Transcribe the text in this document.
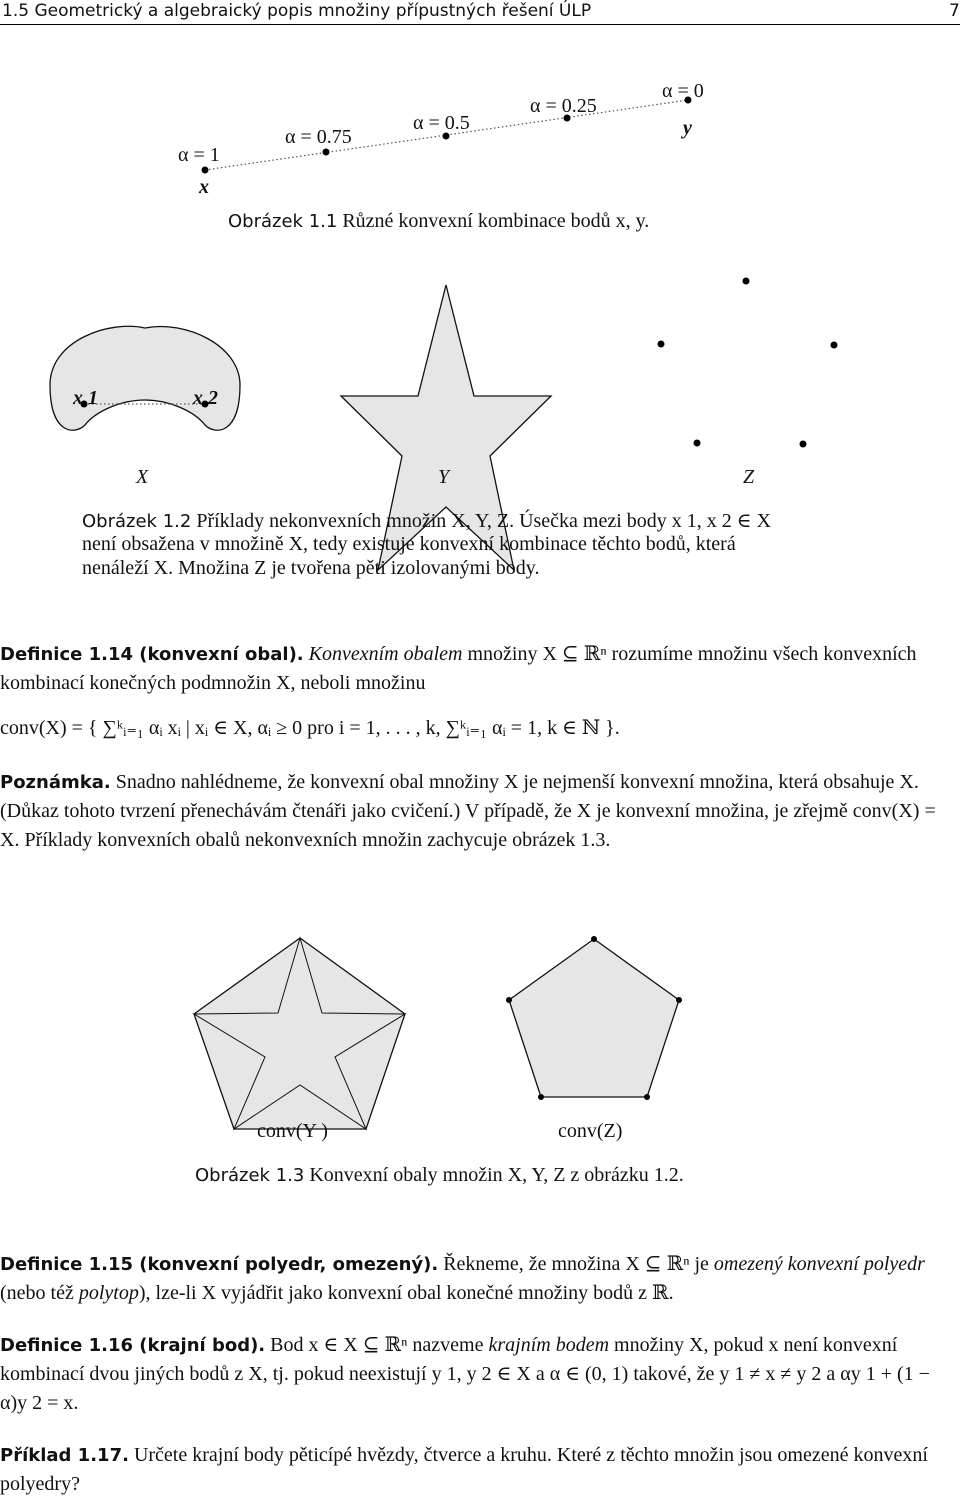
1.5 Geometrický a algebraický popis množiny přípustných řešení ÚLP	7
α = 1
α = 0.75
α = 0.5
α = 0.25
α = 0
x
y
Obrázek 1.1 Různé konvexní kombinace bodů x, y.
x 1	x 2
X	Y	Z
Obrázek 1.2 Příklady nekonvexních množin X, Y, Z. Úsečka mezi body x 1, x 2 ∈ X
není obsažena v množině X, tedy existuje konvexní kombinace těchto bodů, která
nenáleží X. Množina Z je tvořena pěti izolovanými body.
Definice 1.14 (konvexní obal). Konvexním obalem množiny X ⊆ ℝⁿ rozumíme množinu všech konvexních kombinací konečných podmnožin X, neboli množinu
conv(X) = { ∑ᵏᵢ₌₁ αᵢ xᵢ | xᵢ ∈ X, αᵢ ≥ 0 pro i = 1, . . . , k, ∑ᵏᵢ₌₁ αᵢ = 1, k ∈ ℕ }.
Poznámka. Snadno nahlédneme, že konvexní obal množiny X je nejmenší konvexní množina, která obsahuje X. (Důkaz tohoto tvrzení přenechávám čtenáři jako cvičení.) V případě, že X je konvexní množina, je zřejmě conv(X) = X. Příklady konvexních obalů nekonvexních množin zachycuje obrázek 1.3.
conv(Y )	conv(Z)
Obrázek 1.3 Konvexní obaly množin X, Y, Z z obrázku 1.2.
Definice 1.15 (konvexní polyedr, omezený). Řekneme, že množina X ⊆ ℝⁿ je omezený konvexní polyedr (nebo též polytop), lze-li X vyjádřit jako konvexní obal konečné množiny bodů z ℝ.
Definice 1.16 (krajní bod). Bod x ∈ X ⊆ ℝⁿ nazveme krajním bodem množiny X, pokud x není konvexní kombinací dvou jiných bodů z X, tj. pokud neexistují y 1, y 2 ∈ X a α ∈ (0, 1) takové, že y 1 ≠ x ≠ y 2 a αy 1 + (1 − α)y 2 = x.
Příklad 1.17. Určete krajní body pěticípé hvězdy, čtverce a kruhu. Které z těchto množin jsou omezené konvexní polyedry?
